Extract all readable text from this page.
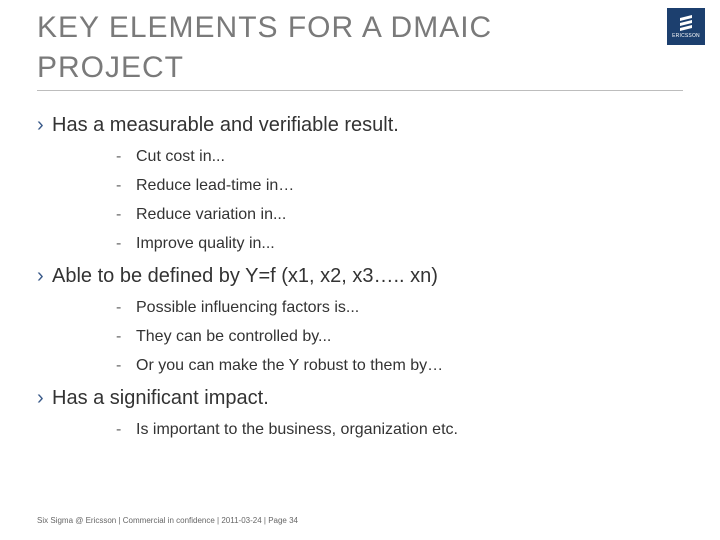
KEY ELEMENTS FOR A DMAIC PROJECT
ERICSSON
› Has a measurable and verifiable result.
- Cut cost in...
- Reduce lead-time in…
- Reduce variation in...
- Improve quality in...
› Able to be defined by Y=f (x1, x2, x3….. xn)
- Possible influencing factors is...
- They can be controlled by...
- Or you can make the Y robust to them by…
› Has a significant impact.
- Is important to the business, organization etc.
Six Sigma @ Ericsson | Commercial in confidence | 2011-03-24 | Page 34
